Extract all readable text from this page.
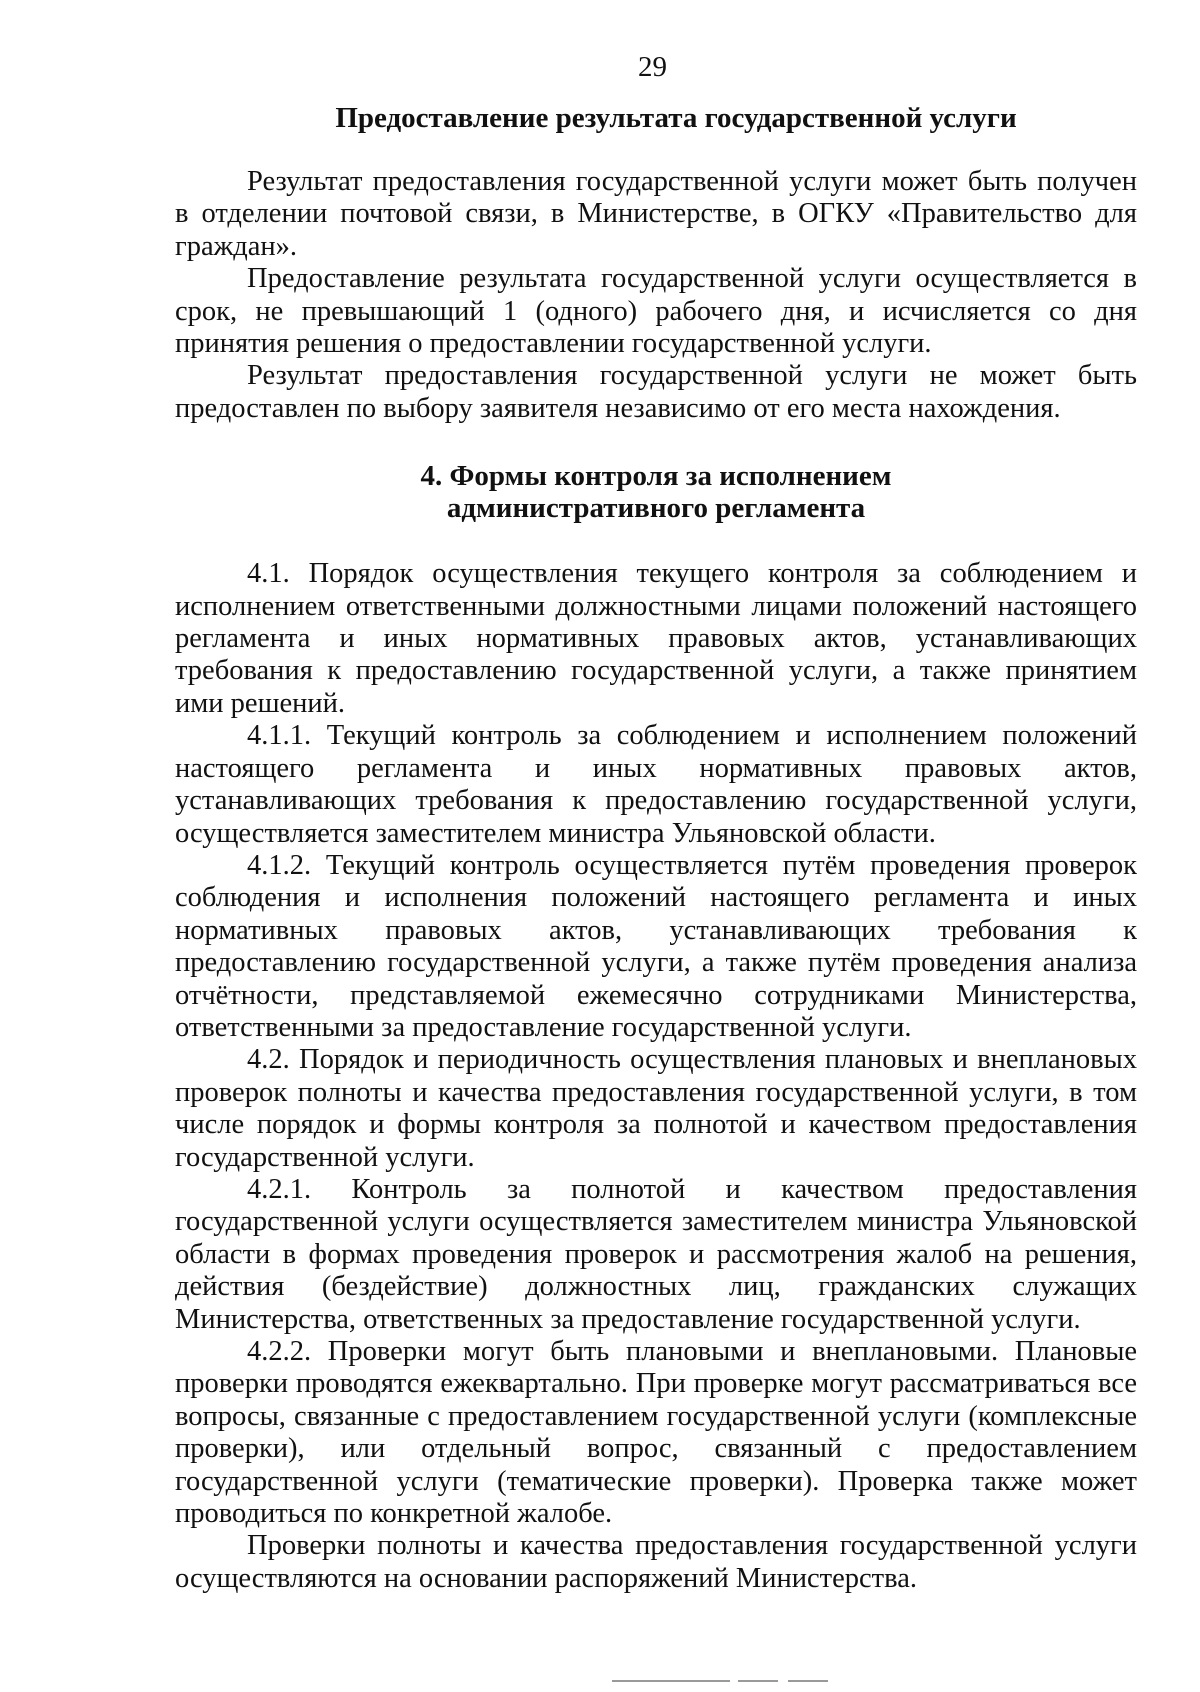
29
Предоставление результата государственной услуги

Результат предоставления государственной услуги может быть получен в отделении почтовой связи, в Министерстве, в ОГКУ «Правительство для граждан».

Предоставление результата государственной услуги осуществляется в срок, не превышающий 1 (одного) рабочего дня, и исчисляется со дня принятия решения о предоставлении государственной услуги.

Результат предоставления государственной услуги не может быть предоставлен по выбору заявителя независимо от его места нахождения.

4. Формы контроля за исполнением
административного регламента

4.1. Порядок осуществления текущего контроля за соблюдением и исполнением ответственными должностными лицами положений настоящего регламента и иных нормативных правовых актов, устанавливающих требования к предоставлению государственной услуги, а также принятием ими решений.

4.1.1. Текущий контроль за соблюдением и исполнением положений настоящего регламента и иных нормативных правовых актов, устанавливающих требования к предоставлению государственной услуги, осуществляется заместителем министра Ульяновской области.

4.1.2. Текущий контроль осуществляется путём проведения проверок соблюдения и исполнения положений настоящего регламента и иных нормативных правовых актов, устанавливающих требования к предоставлению государственной услуги, а также путём проведения анализа отчётности, представляемой ежемесячно сотрудниками Министерства, ответственными за предоставление государственной услуги.

4.2. Порядок и периодичность осуществления плановых и внеплановых проверок полноты и качества предоставления государственной услуги, в том числе порядок и формы контроля за полнотой и качеством предоставления государственной услуги.

4.2.1. Контроль за полнотой и качеством предоставления государственной услуги осуществляется заместителем министра Ульяновской области в формах проведения проверок и рассмотрения жалоб на решения, действия (бездействие) должностных лиц, гражданских служащих Министерства, ответственных за предоставление государственной услуги.

4.2.2. Проверки могут быть плановыми и внеплановыми. Плановые проверки проводятся ежеквартально. При проверке могут рассматриваться все вопросы, связанные с предоставлением государственной услуги (комплексные проверки), или отдельный вопрос, связанный с предоставлением государственной услуги (тематические проверки). Проверка также может проводиться по конкретной жалобе.

Проверки полноты и качества предоставления государственной услуги осуществляются на основании распоряжений Министерства.
